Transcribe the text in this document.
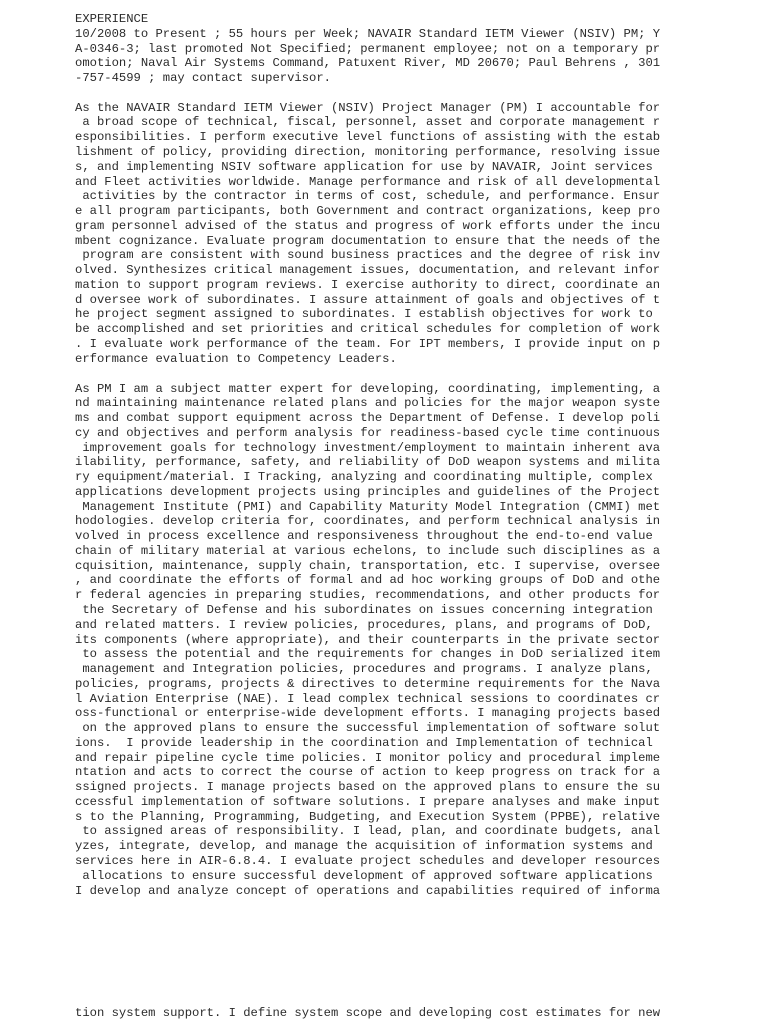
EXPERIENCE
10/2008 to Present ; 55 hours per Week; NAVAIR Standard IETM Viewer (NSIV) PM; Y
A-0346-3; last promoted Not Specified; permanent employee; not on a temporary pr
omotion; Naval Air Systems Command, Patuxent River, MD 20670; Paul Behrens , 301
-757-4599 ; may contact supervisor.
As the NAVAIR Standard IETM Viewer (NSIV) Project Manager (PM) I accountable for
a broad scope of technical, fiscal, personnel, asset and corporate management r
esponsibilities. I perform executive level functions of assisting with the estab
lishment of policy, providing direction, monitoring performance, resolving issue
s, and implementing NSIV software application for use by NAVAIR, Joint services
and Fleet activities worldwide. Manage performance and risk of all developmental
activities by the contractor in terms of cost, schedule, and performance. Ensur
e all program participants, both Government and contract organizations, keep pro
gram personnel advised of the status and progress of work efforts under the incu
mbent cognizance. Evaluate program documentation to ensure that the needs of the
program are consistent with sound business practices and the degree of risk inv
olved. Synthesizes critical management issues, documentation, and relevant infor
mation to support program reviews. I exercise authority to direct, coordinate an
d oversee work of subordinates. I assure attainment of goals and objectives of t
he project segment assigned to subordinates. I establish objectives for work to
be accomplished and set priorities and critical schedules for completion of work
. I evaluate work performance of the team. For IPT members, I provide input on p
erformance evaluation to Competency Leaders.
As PM I am a subject matter expert for developing, coordinating, implementing, a
nd maintaining maintenance related plans and policies for the major weapon syste
ms and combat support equipment across the Department of Defense. I develop poli
cy and objectives and perform analysis for readiness-based cycle time continuous
improvement goals for technology investment/employment to maintain inherent ava
ilability, performance, safety, and reliability of DoD weapon systems and milita
ry equipment/material. I Tracking, analyzing and coordinating multiple, complex
applications development projects using principles and guidelines of the Project
Management Institute (PMI) and Capability Maturity Model Integration (CMMI) met
hodologies. develop criteria for, coordinates, and perform technical analysis in
volved in process excellence and responsiveness throughout the end-to-end value
chain of military material at various echelons, to include such disciplines as a
cquisition, maintenance, supply chain, transportation, etc. I supervise, oversee
, and coordinate the efforts of formal and ad hoc working groups of DoD and othe
r federal agencies in preparing studies, recommendations, and other products for
the Secretary of Defense and his subordinates on issues concerning integration
and related matters. I review policies, procedures, plans, and programs of DoD,
its components (where appropriate), and their counterparts in the private sector
to assess the potential and the requirements for changes in DoD serialized item
management and Integration policies, procedures and programs. I analyze plans,
policies, programs, projects & directives to determine requirements for the Nava
l Aviation Enterprise (NAE). I lead complex technical sessions to coordinates cr
oss-functional or enterprise-wide development efforts. I managing projects based
on the approved plans to ensure the successful implementation of software solut
ions.  I provide leadership in the coordination and Implementation of technical
and repair pipeline cycle time policies. I monitor policy and procedural impleme
ntation and acts to correct the course of action to keep progress on track for a
ssigned projects. I manage projects based on the approved plans to ensure the su
ccessful implementation of software solutions. I prepare analyses and make input
s to the Planning, Programming, Budgeting, and Execution System (PPBE), relative
to assigned areas of responsibility. I lead, plan, and coordinate budgets, anal
yzes, integrate, develop, and manage the acquisition of information systems and
services here in AIR-6.8.4. I evaluate project schedules and developer resources
allocations to ensure successful development of approved software applications
I develop and analyze concept of operations and capabilities required of informa
tion system support. I define system scope and developing cost estimates for new
